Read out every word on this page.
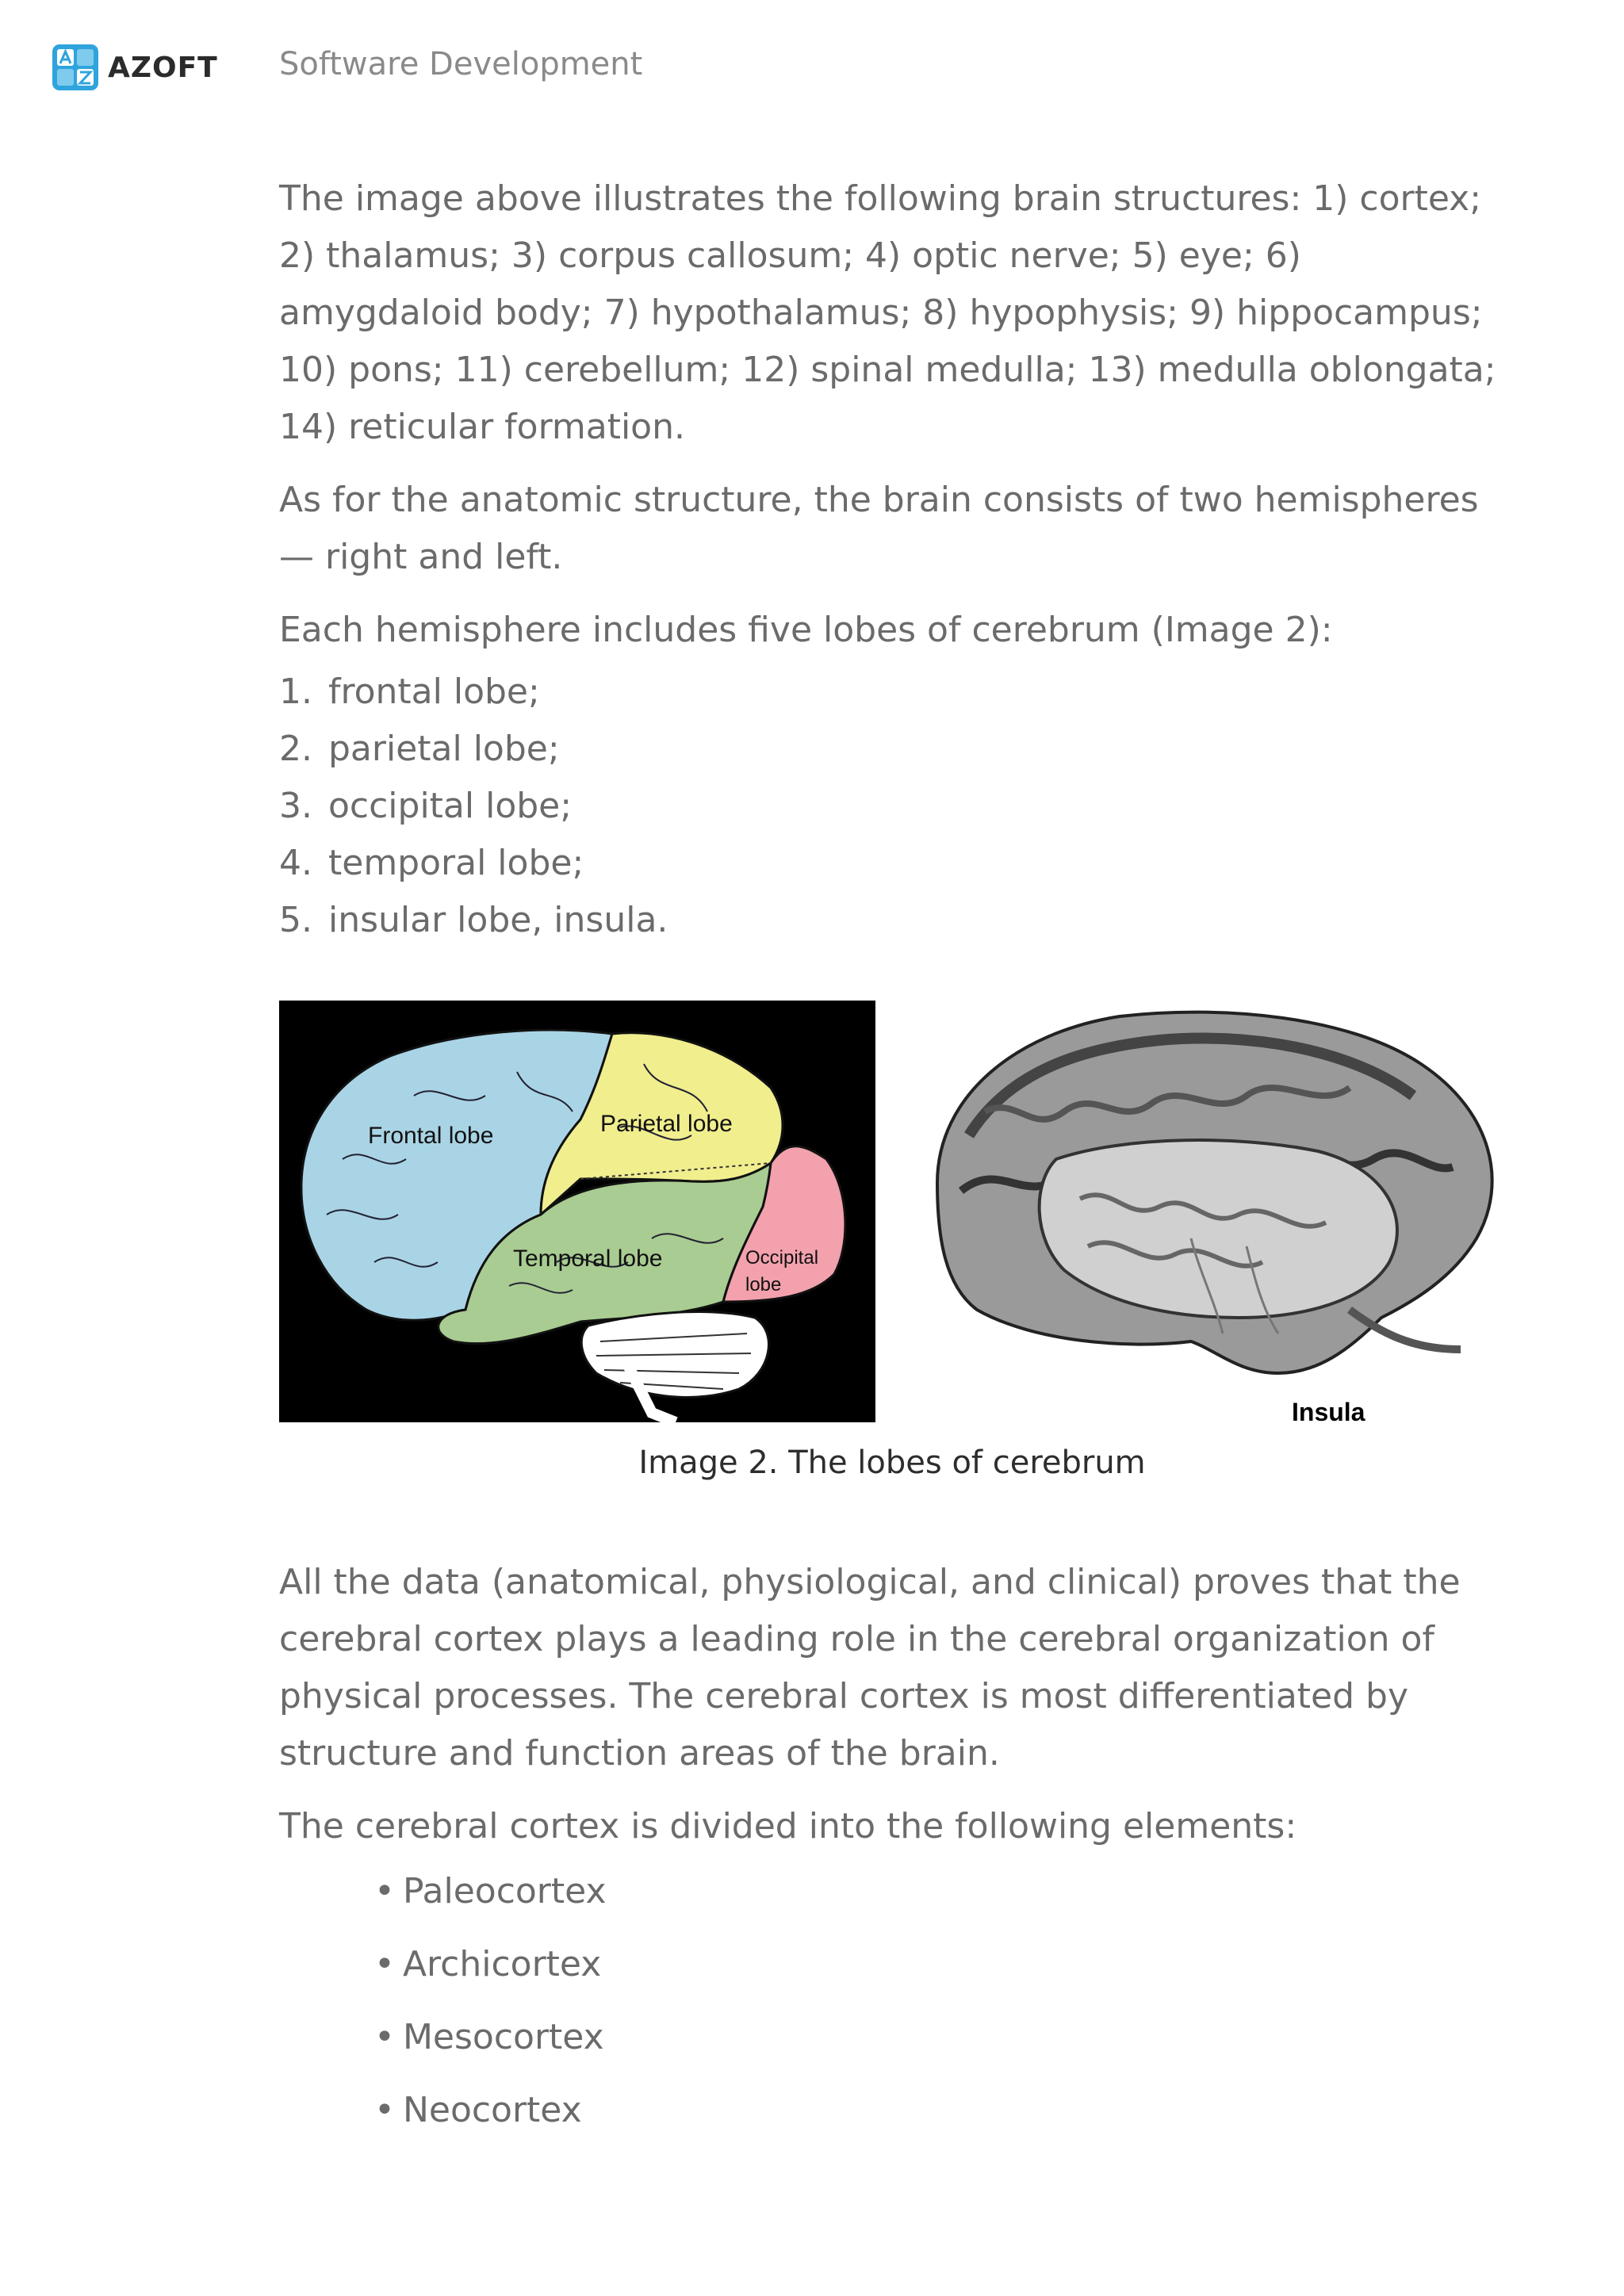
AZOFT Software Development

The image above illustrates the following brain structures: 1) cortex; 2) thalamus; 3) corpus callosum; 4) optic nerve; 5) eye; 6) amygdaloid body; 7) hypothalamus; 8) hypophysis; 9) hippocampus; 10) pons; 11) cerebellum; 12) spinal medulla; 13) medulla oblongata; 14) reticular formation.

As for the anatomic structure, the brain consists of two hemispheres — right and left.

Each hemisphere includes five lobes of cerebrum (Image 2):

1. frontal lobe;
2. parietal lobe;
3. occipital lobe;
4. temporal lobe;
5. insular lobe, insula.
Frontal lobe	Parietal lobe
Temporal lobe	Occipital
lobe
Insula
Image 2. The lobes of cerebrum

All the data (anatomical, physiological, and clinical) proves that the cerebral cortex plays a leading role in the cerebral organization of physical processes. The cerebral cortex is most differentiated by structure and function areas of the brain.

The cerebral cortex is divided into the following elements:

• Paleocortex
• Archicortex
• Mesocortex
• Neocortex
